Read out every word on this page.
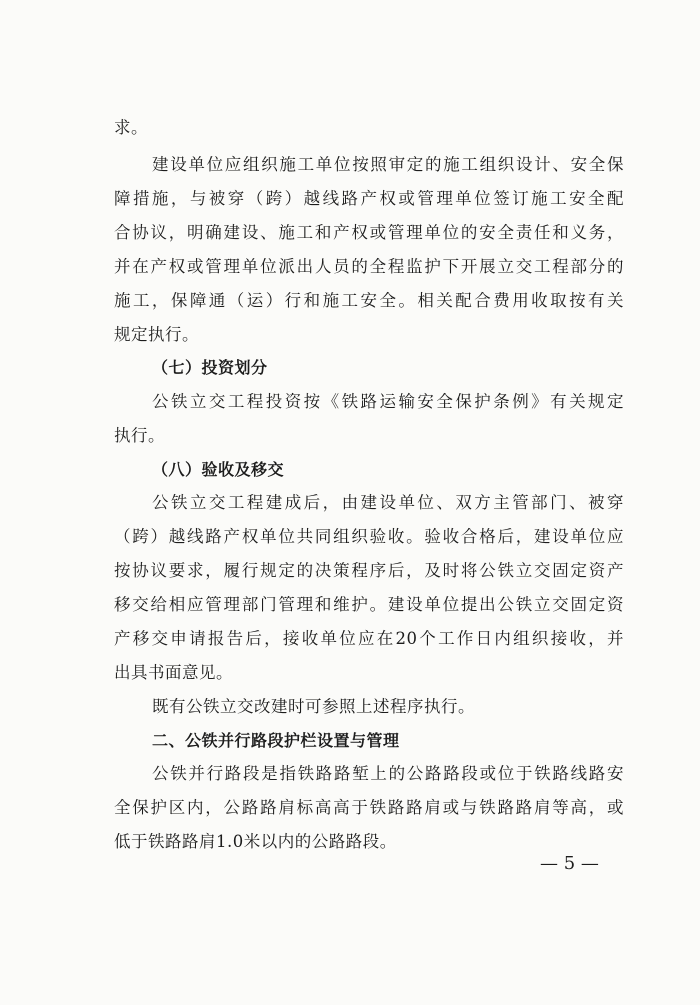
求。
建设单位应组织施工单位按照审定的施工组织设计、安全保
障措施，与被穿（跨）越线路产权或管理单位签订施工安全配
合协议，明确建设、施工和产权或管理单位的安全责任和义务，
并在产权或管理单位派出人员的全程监护下开展立交工程部分的
施工，保障通（运）行和施工安全。相关配合费用收取按有关
规定执行。
（七）投资划分
公铁立交工程投资按《铁路运输安全保护条例》有关规定
执行。
（八）验收及移交
公铁立交工程建成后，由建设单位、双方主管部门、被穿
（跨）越线路产权单位共同组织验收。验收合格后，建设单位应
按协议要求，履行规定的决策程序后，及时将公铁立交固定资产
移交给相应管理部门管理和维护。建设单位提出公铁立交固定资
产移交申请报告后，接收单位应在20个工作日内组织接收，并
出具书面意见。
既有公铁立交改建时可参照上述程序执行。
二、公铁并行路段护栏设置与管理
公铁并行路段是指铁路路堑上的公路路段或位于铁路线路安
全保护区内，公路路肩标高高于铁路路肩或与铁路路肩等高，或
低于铁路路肩1.0米以内的公路路段。
— 5 —
